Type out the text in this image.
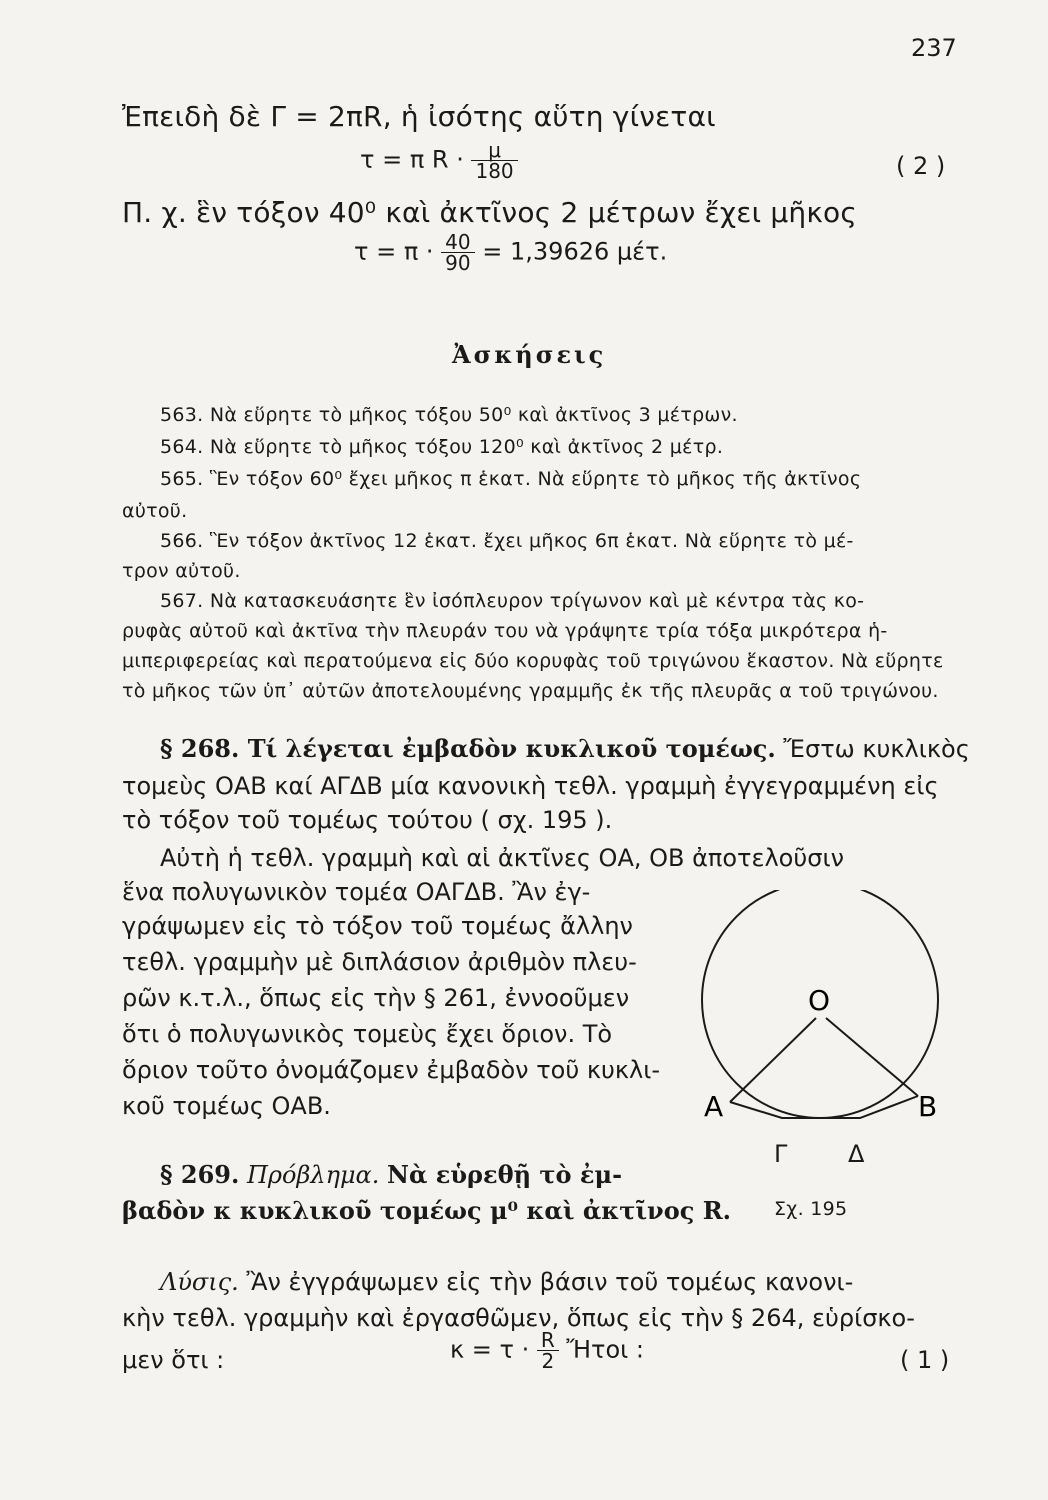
237
Ἐπειδὴ δὲ Γ = 2πR, ἡ ἰσότης αὕτη γίνεται
τ = π $R \cdot \frac{\mu}{180}$	( 2 )
Π. χ. ἓν τόξον 40⁰ καὶ ἀκτῖνος 2 μέτρων ἔχει μῆκος
$\tau = \pi \cdot \frac{40}{90} = 1,39626$ μέτ.
Ἀσκήσεις
563. Νὰ εὕρητε τὸ μῆκος τόξου 50⁰ καὶ ἀκτῖνος 3 μέτρων.
564. Νὰ εὕρητε τὸ μῆκος τόξου 120⁰ καὶ ἀκτῖνος 2 μέτρ.
565. Ἓν τόξον 60⁰ ἔχει μῆκος π ἑκατ. Νὰ εὕρητε τὸ μῆκος τῆς ἀκτῖνος
αὐτοῦ.
566. Ἓν τόξον ἀκτῖνος 12 ἑκατ. ἔχει μῆκος 6π ἑκατ. Νὰ εὕρητε τὸ μέ-
τρον αὐτοῦ.
567. Νὰ κατασκευάσητε ἓν ἰσόπλευρον τρίγωνον καὶ μὲ κέντρα τὰς κο-
ρυφὰς αὐτοῦ καὶ ἀκτῖνα τὴν πλευράν του νὰ γράψητε τρία τόξα μικρότερα ἡ-
μιπεριφερείας καὶ περατούμενα εἰς δύο κορυφὰς τοῦ τριγώνου ἕκαστον. Νὰ εὕρητε
τὸ μῆκος τῶν ὑπ᾽ αὐτῶν ἀποτελουμένης γραμμῆς ἐκ τῆς πλευρᾶς α τοῦ τριγώνου.
§ 268. Τί λέγεται ἐμβαδὸν κυκλικοῦ τομέως. Ἔστω κυκλικὸς
τομεὺς ΟΑΒ καί ΑΓΔΒ μία κανονικὴ τεθλ. γραμμὴ ἐγγεγραμμένη εἰς
τὸ τόξον τοῦ τομέως τούτου ( σχ. 195 ).
Αὐτὴ ἡ τεθλ. γραμμὴ καὶ αἱ ἀκτῖνες ΟΑ, ΟΒ ἀποτελοῦσιν
ἕνα πολυγωνικὸν τομέα ΟΑΓΔΒ. Ἂν ἐγ-
γράψωμεν εἰς τὸ τόξον τοῦ τομέως ἄλλην
τεθλ. γραμμὴν μὲ διπλάσιον ἀριθμὸν πλευ-
ρῶν κ.τ.λ., ὅπως εἰς τὴν § 261, ἐννοοῦμεν
ὅτι ὁ πολυγωνικὸς τομεὺς ἔχει ὅριον. Τὸ
ὅριον τοῦτο ὀνομάζομεν ἐμβαδὸν τοῦ κυκλι-
κοῦ τομέως ΟΑΒ.
Ο
Α	Β
Γ	Δ
Σχ. 195
§ 269. Πρόβλημα. Νὰ εὑρεθῇ τὸ ἐμ-
βαδὸν κ κυκλικοῦ τομέως μ⁰ καὶ ἀκτῖνος R.
Λύσις. Ἂν ἐγγράψωμεν εἰς τὴν βάσιν τοῦ τομέως κανονι-
κὴν τεθλ. γραμμὴν καὶ ἐργασθῶμεν, ὅπως εἰς τὴν § 264, εὑρίσκο-
μεν ὅτι :	$\kappa = \tau \cdot \frac{R}{2}$ Ἤτοι :	( 1 )
